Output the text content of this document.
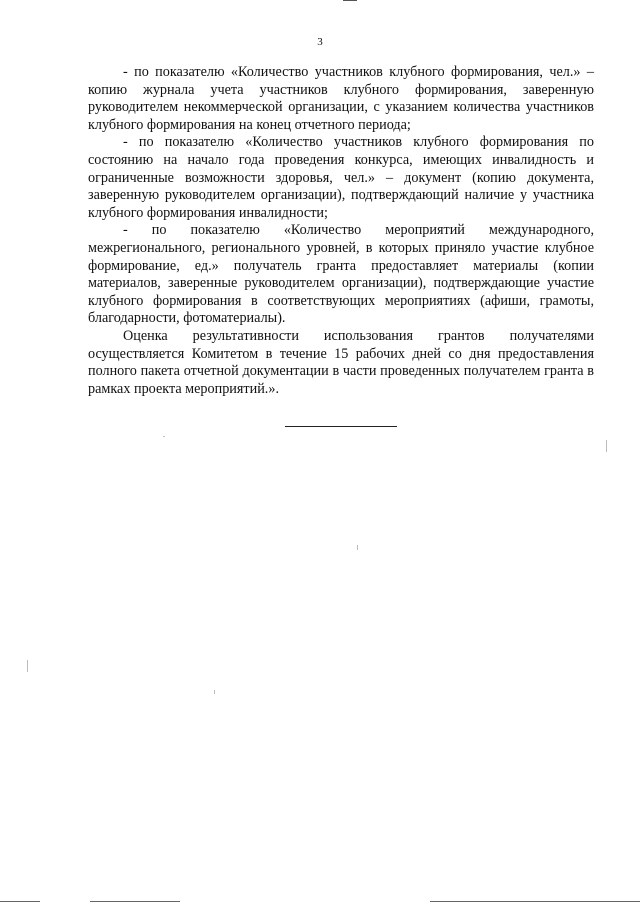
3

- по показателю «Количество участников клубного формирования, чел.» – копию журнала учета участников клубного формирования, заверенную руководителем некоммерческой организации, с указанием количества участников клубного формирования на конец отчетного периода;

- по показателю «Количество участников клубного формирования по состоянию на начало года проведения конкурса, имеющих инвалидность и ограниченные возможности здоровья, чел.» – документ (копию документа, заверенную руководителем организации), подтверждающий наличие у участника клубного формирования инвалидности;

- по показателю «Количество мероприятий международного, межрегионального, регионального уровней, в которых приняло участие клубное формирование, ед.» получатель гранта предоставляет материалы (копии материалов, заверенные руководителем организации), подтверждающие участие клубного формирования в соответствующих мероприятиях (афиши, грамоты, благодарности, фотоматериалы).

Оценка результативности использования грантов получателями осуществляется Комитетом в течение 15 рабочих дней со дня предоставления полного пакета отчетной документации в части проведенных получателем гранта в рамках проекта мероприятий.».
